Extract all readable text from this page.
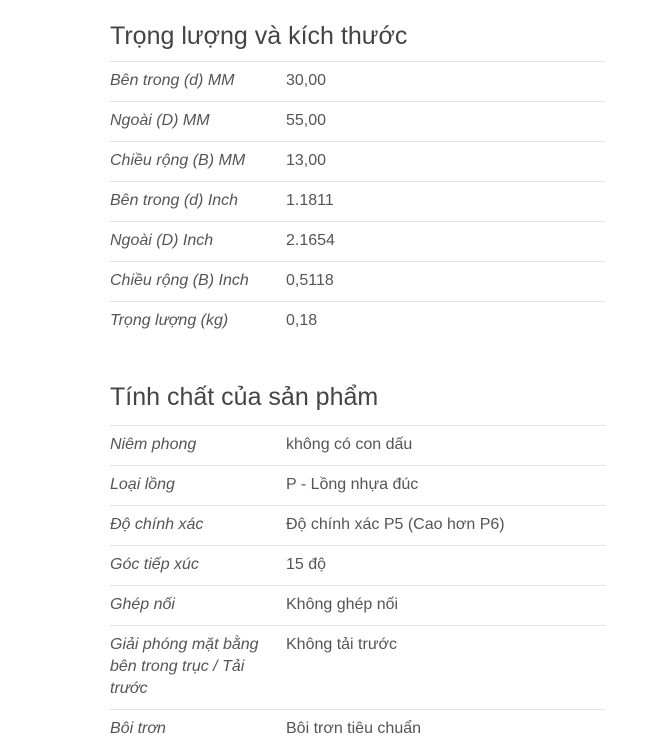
Trọng lượng và kích thước
Bên trong (d) MM	30,00
Ngoài (D) MM	55,00
Chiều rộng (B) MM	13,00
Bên trong (d) Inch	1.1811
Ngoài (D) Inch	2.1654
Chiều rộng (B) Inch	0,5118
Trọng lượng (kg)	0,18
Tính chất của sản phẩm
Niêm phong	không có con dấu
Loại lồng	P - Lồng nhựa đúc
Độ chính xác	Độ chính xác P5 (Cao hơn P6)
Góc tiếp xúc	15 độ
Ghép nối	Không ghép nối
Giải phóng mặt bằng bên trong trục / Tải trước	Không tải trước
Bôi trơn	Bôi trơn tiêu chuẩn
